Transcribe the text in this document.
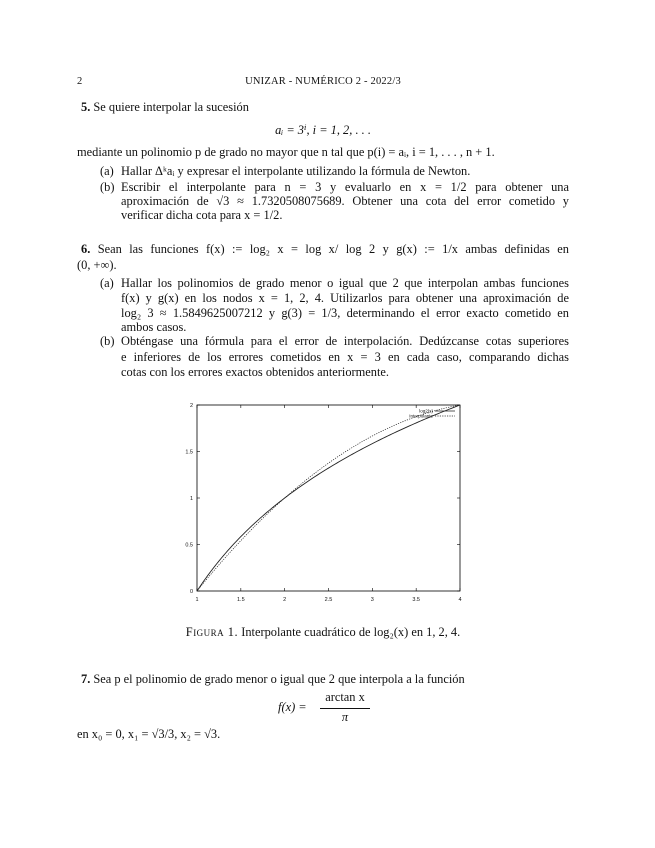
2	UNIZAR - NUMÉRICO 2 - 2022/3
5. Se quiere interpolar la sucesión
aᵢ = 3ⁱ, i = 1, 2, . . .
mediante un polinomio p de grado no mayor que n tal que p(i) = aᵢ, i = 1, . . . , n + 1.
(a) Hallar Δᵏaᵢ y expresar el interpolante utilizando la fórmula de Newton.
(b) Escribir el interpolante para n = 3 y evaluarlo en x = 1/2 para obtener una
aproximación de √3 ≈ 1.7320508075689. Obtener una cota del error cometido y
verificar dicha cota para x = 1/2.
6. Sean las funciones f(x) := log₂ x = log x/ log 2 y g(x) := 1/x ambas definidas en
(0, +∞).
(a) Hallar los polinomios de grado menor o igual que 2 que interpolan ambas funciones
f(x) y g(x) en los nodos x = 1, 2, 4. Utilizarlos para obtener una aproximación de
log₂ 3 ≈ 1.5849625007212 y g(3) = 1/3, determinando el error exacto cometido en
ambos casos.
(b) Obténgase una fórmula para el error de interpolación. Dedúzcanse cotas superiores
e inferiores de los errores cometidos en x = 3 en cada caso, comparando dichas
cotas con los errores exactos obtenidos anteriormente.
1	1.5	2	2.5	3	3.5	4
0
0.5
1
1.5
2
log2(x)
Interpolante
Figura 1. Interpolante cuadrático de log₂(x) en 1, 2, 4.
7. Sea p el polinomio de grado menor o igual que 2 que interpola a la función
f(x) =
arctan x
π
en x₀ = 0, x₁ = √3/3, x₂ = √3.
